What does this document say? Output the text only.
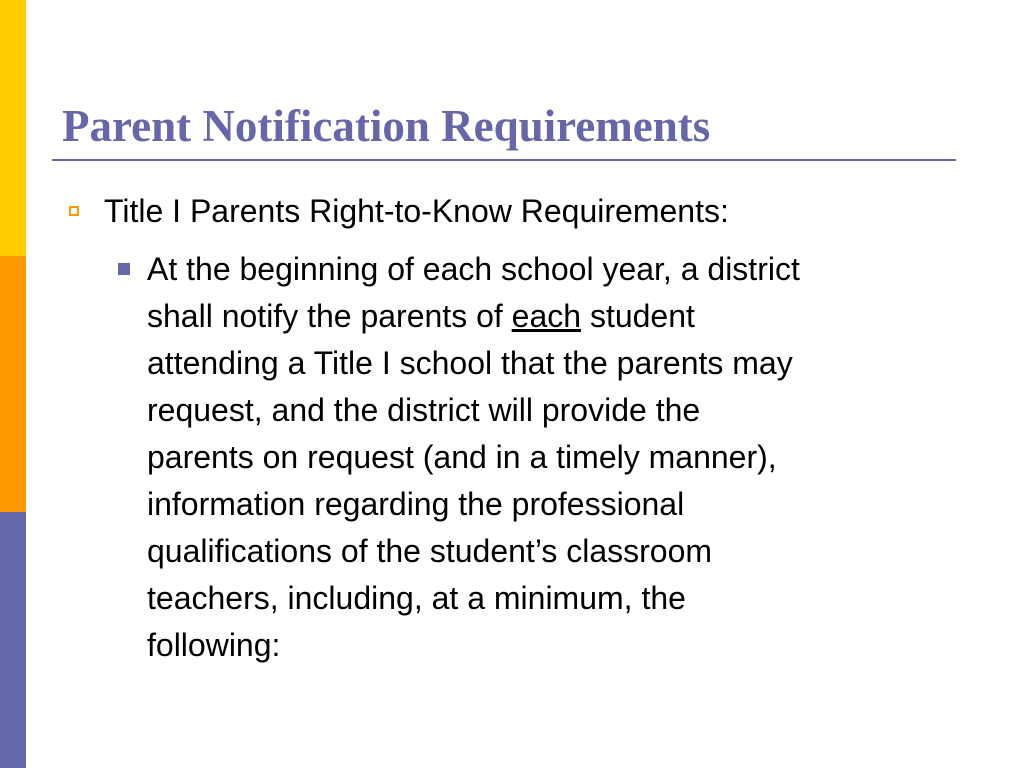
Parent Notification Requirements
Title I Parents Right-to-Know Requirements:
At the beginning of each school year, a district
shall notify the parents of each student
attending a Title I school that the parents may
request, and the district will provide the
parents on request (and in a timely manner),
information regarding the professional
qualifications of the student’s classroom
teachers, including, at a minimum, the
following:
